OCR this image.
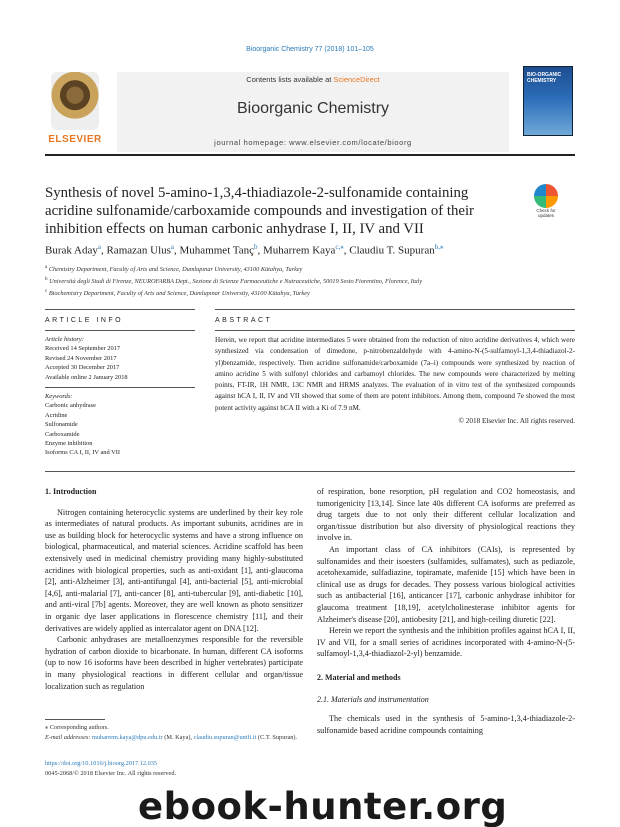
Bioorganic Chemistry 77 (2018) 101–105
ELSEVIER
Contents lists available at ScienceDirect
Bioorganic Chemistry
journal homepage: www.elsevier.com/locate/bioorg
BIO-ORGANIC CHEMISTRY
Synthesis of novel 5-amino-1,3,4-thiadiazole-2-sulfonamide containing acridine sulfonamide/carboxamide compounds and investigation of their inhibition effects on human carbonic anhydrase I, II, IV and VII
Check for updates
Burak Aday$^a$, Ramazan Ulus$^a$, Muhammet Tanç$^b$, Muharrem Kaya$^{c,⁎}$, Claudiu T. Supuran$^{b,⁎}$
$^a$ Chemistry Department, Faculty of Arts and Science, Dumlupınar University, 43100 Kütahya, Turkey
$^b$ Università degli Studi di Firenze, NEUROFARBA Dept., Sezione di Scienze Farmaceutiche e Nutraceutiche, 50019 Sesto Fiorentino, Florence, Italy
$^c$ Biochemistry Department, Faculty of Arts and Science, Dumlupınar University, 43100 Kütahya, Turkey
ARTICLE INFO	ABSTRACT
Article history:
Received 14 September 2017
Revised 24 November 2017
Accepted 30 December 2017
Available online 2 January 2018
Keywords:
Carbonic anhydrase
Acridine
Sulfonamide
Carboxamide
Enzyme inhibition
Isoforms CA I, II, IV and VII
Herein, we report that acridine intermediates 5 were obtained from the reduction of nitro acridine derivatives 4, which were synthesized via condensation of dimedone, p-nitrobenzaldehyde with 4-amino-N-(5-sulfamoyl-1,3,4-thiadiazol-2-yl)benzamide, respectively. Then acridine sulfonamide/carboxamide (7a–i) compounds were synthesized by reaction of amino acridine 5 with sulfonyl chlorides and carbamoyl chlorides. The new compounds were characterized by melting points, FT-IR, 1H NMR, 13C NMR and HRMS analyzes. The evaluation of in vitro test of the synthesized compounds against hCA I, II, IV and VII showed that some of them are potent inhibitors. Among them, compound 7e showed the most potent activity against hCA II with a Ki of 7.9 nM.
© 2018 Elsevier Inc. All rights reserved.
1. Introduction

Nitrogen containing heterocyclic systems are underlined by their key role as intermediates of natural products. As important subunits, acridines are in use as building block for heterocyclic systems and have a strong influence on biological, pharmaceutical, and material sciences. Acridine scaffold has been extensively used in medicinal chemistry providing many highly-substituted acridines with biological properties, such as anti-oxidant [1], anti-glaucoma [2], anti-Alzheimer [3], anti-antifungal [4], anti-bacterial [5], anti-microbial [4,6], anti-malarial [7], anti-cancer [8], anti-tubercular [9], anti-diabetic [10], and anti-viral [7b] agents. Moreover, they are well known as photo sensitizer in organic dye laser applications in florescence chemistry [11], and their derivatives are widely applied as intercalator agent on DNA [12].

Carbonic anhydrases are metalloenzymes responsible for the reversible hydration of carbon dioxide to bicarbonate. In human, different CA isoforms (up to now 16 isoforms have been described in higher vertebrates) participate in many physiological reactions in different cellular and organ/tissue localization such as regulation

of respiration, bone resorption, pH regulation and CO2 homeostasis, and tumorigenicity [13,14]. Since late 40s different CA isoforms are preferred as drug targets due to not only their different cellular localization and organ/tissue distribution but also diversity of physiological reactions they involve in.

An important class of CA inhibitors (CAIs), is represented by sulfonamides and their isoesters (sulfamides, sulfamates), such as pediazole, acetohexamide, sulfadiazine, topiramate, mafenide [15] which have been in clinical use as drugs for decades. They possess various biological activities such as antibacterial [16], anticancer [17], carbonic anhydrase inhibitor for glaucoma treatment [18,19], acetylcholinesterase inhibitor agents for Alzheimer's disease [20], antiobesity [21], and high-ceiling diuretic [22].

Herein we report the synthesis and the inhibition profiles against hCA I, II, IV and VII, for a small series of acridines incorporated with 4-amino-N-(5-sulfamoyl-1,3,4-thiadiazol-2-yl) benzamide.

2. Material and methods
2.1. Materials and instrumentation

The chemicals used in the synthesis of 5-amino-1,3,4-thiadiazole-2-sulfonamide based acridine compounds containing

⁎ Corresponding authors.
E-mail addresses: muharrem.kaya@dpu.edu.tr (M. Kaya), claudiu.supuran@unifi.it (C.T. Supuran).
https://doi.org/10.1016/j.bioorg.2017.12.035
0045-2068/© 2018 Elsevier Inc. All rights reserved.
ebook-hunter.org
